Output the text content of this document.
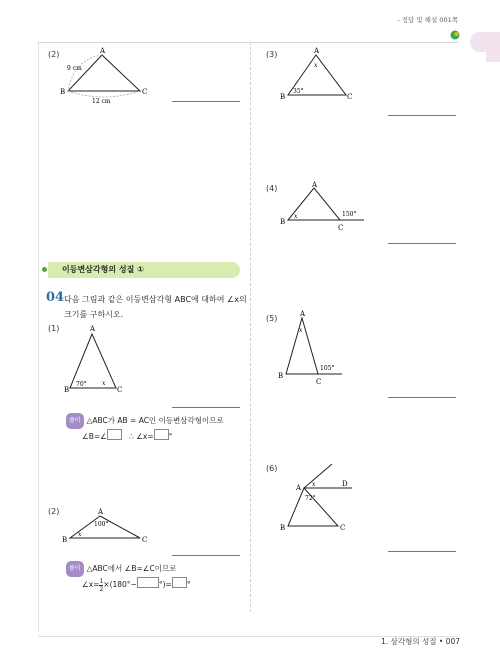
- 정답 및 해설 001쪽
(2)	A
B	C
9 cm
12 cm
이등변삼각형의 성질 ①
04 다음 그림과 같은 이등변삼각형 ABC에 대하여 ∠x의
크기를 구하시오.
(1)	A
B	C
70°	x
풀이 △ABC가 AB = AC인 이등변삼각형이므로
∠B=∠	∴ ∠x= °
(2)	A
B	C
100°
x
풀이 △ABC에서 ∠B=∠C이므로
∠x= $\frac{1}{2} \times(180^\circ-$	°)= °
(3)	A
B	C
x
35°
(4)	A
B
C
x	150°
(5)	A
B
C
x
105°
(6)
A	D
B	C
x
72°
1. 삼각형의 성질 • 007
